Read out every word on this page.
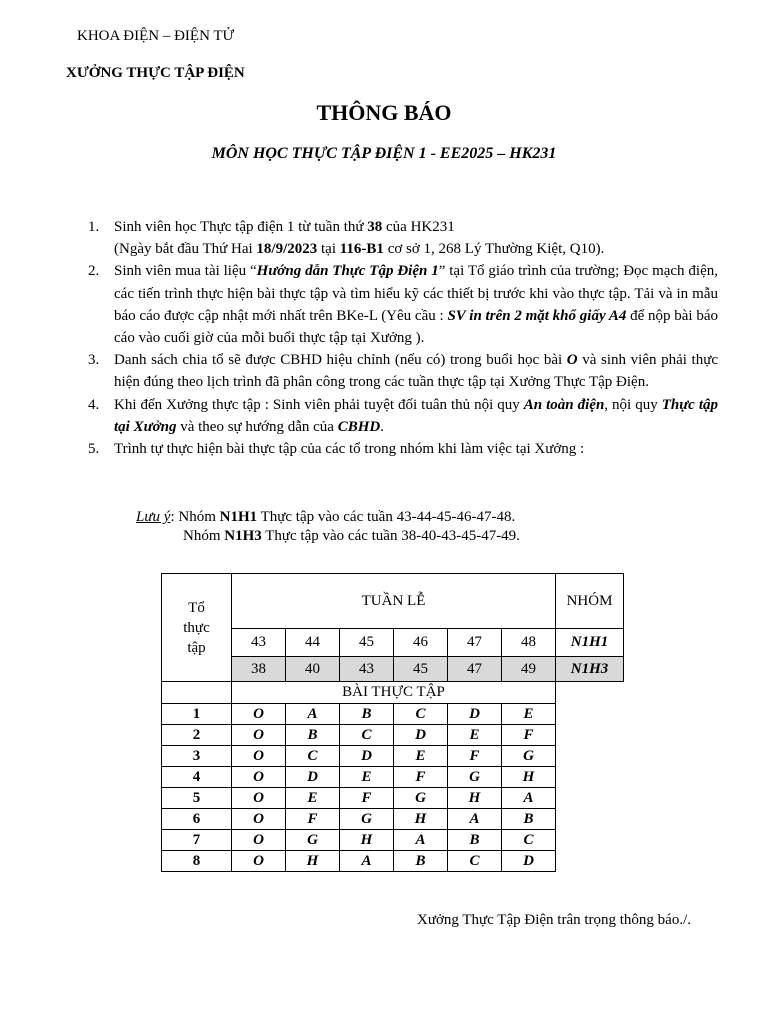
KHOA ĐIỆN – ĐIỆN TỬ
XƯỞNG THỰC TẬP ĐIỆN
THÔNG BÁO
MÔN HỌC THỰC TẬP ĐIỆN 1 - EE2025 – HK231
1. Sinh viên học Thực tập điện 1 từ tuần thứ 38 của HK231
(Ngày bắt đầu Thứ Hai 18/9/2023 tại 116-B1 cơ sở 1, 268 Lý Thường Kiệt, Q10).
2. Sinh viên mua tài liệu “Hướng dẫn Thực Tập Điện 1” tại Tổ giáo trình của trường; Đọc mạch điện, các tiến trình thực hiện bài thực tập và tìm hiểu kỹ các thiết bị trước khi vào thực tập. Tải và in mẫu báo cáo được cập nhật mới nhất trên BKe-L (Yêu cầu : SV in trên 2 mặt khổ giấy A4 để nộp bài báo cáo vào cuối giờ của mỗi buổi thực tập tại Xưởng ).
3. Danh sách chia tổ sẽ được CBHD hiệu chỉnh (nếu có) trong buổi học bài O và sinh viên phải thực hiện đúng theo lịch trình đã phân công trong các tuần thực tập tại Xưởng Thực Tập Điện.
4. Khi đến Xưởng thực tập : Sinh viên phải tuyệt đối tuân thủ nội quy An toàn điện, nội quy Thực tập tại Xưởng và theo sự hướng dẫn của CBHD.
5. Trình tự thực hiện bài thực tập của các tổ trong nhóm khi làm việc tại Xưởng :
Lưu ý: Nhóm N1H1 Thực tập vào các tuần 43-44-45-46-47-48.
Nhóm N1H3 Thực tập vào các tuần 38-40-43-45-47-49.
Tổ thực tập	TUẦN LỄ						NHÓM
	43	44	45	46	47	48	N1H1
	38	40	43	45	47	49	N1H3
	BÀI THỰC TẬP						
1	O	A	B	C	D	E	
2	O	B	C	D	E	F	
3	O	C	D	E	F	G	
4	O	D	E	F	G	H	
5	O	E	F	G	H	A	
6	O	F	G	H	A	B	
7	O	G	H	A	B	C	
8	O	H	A	B	C	D	
Xưởng Thực Tập Điện trân trọng thông báo./.
